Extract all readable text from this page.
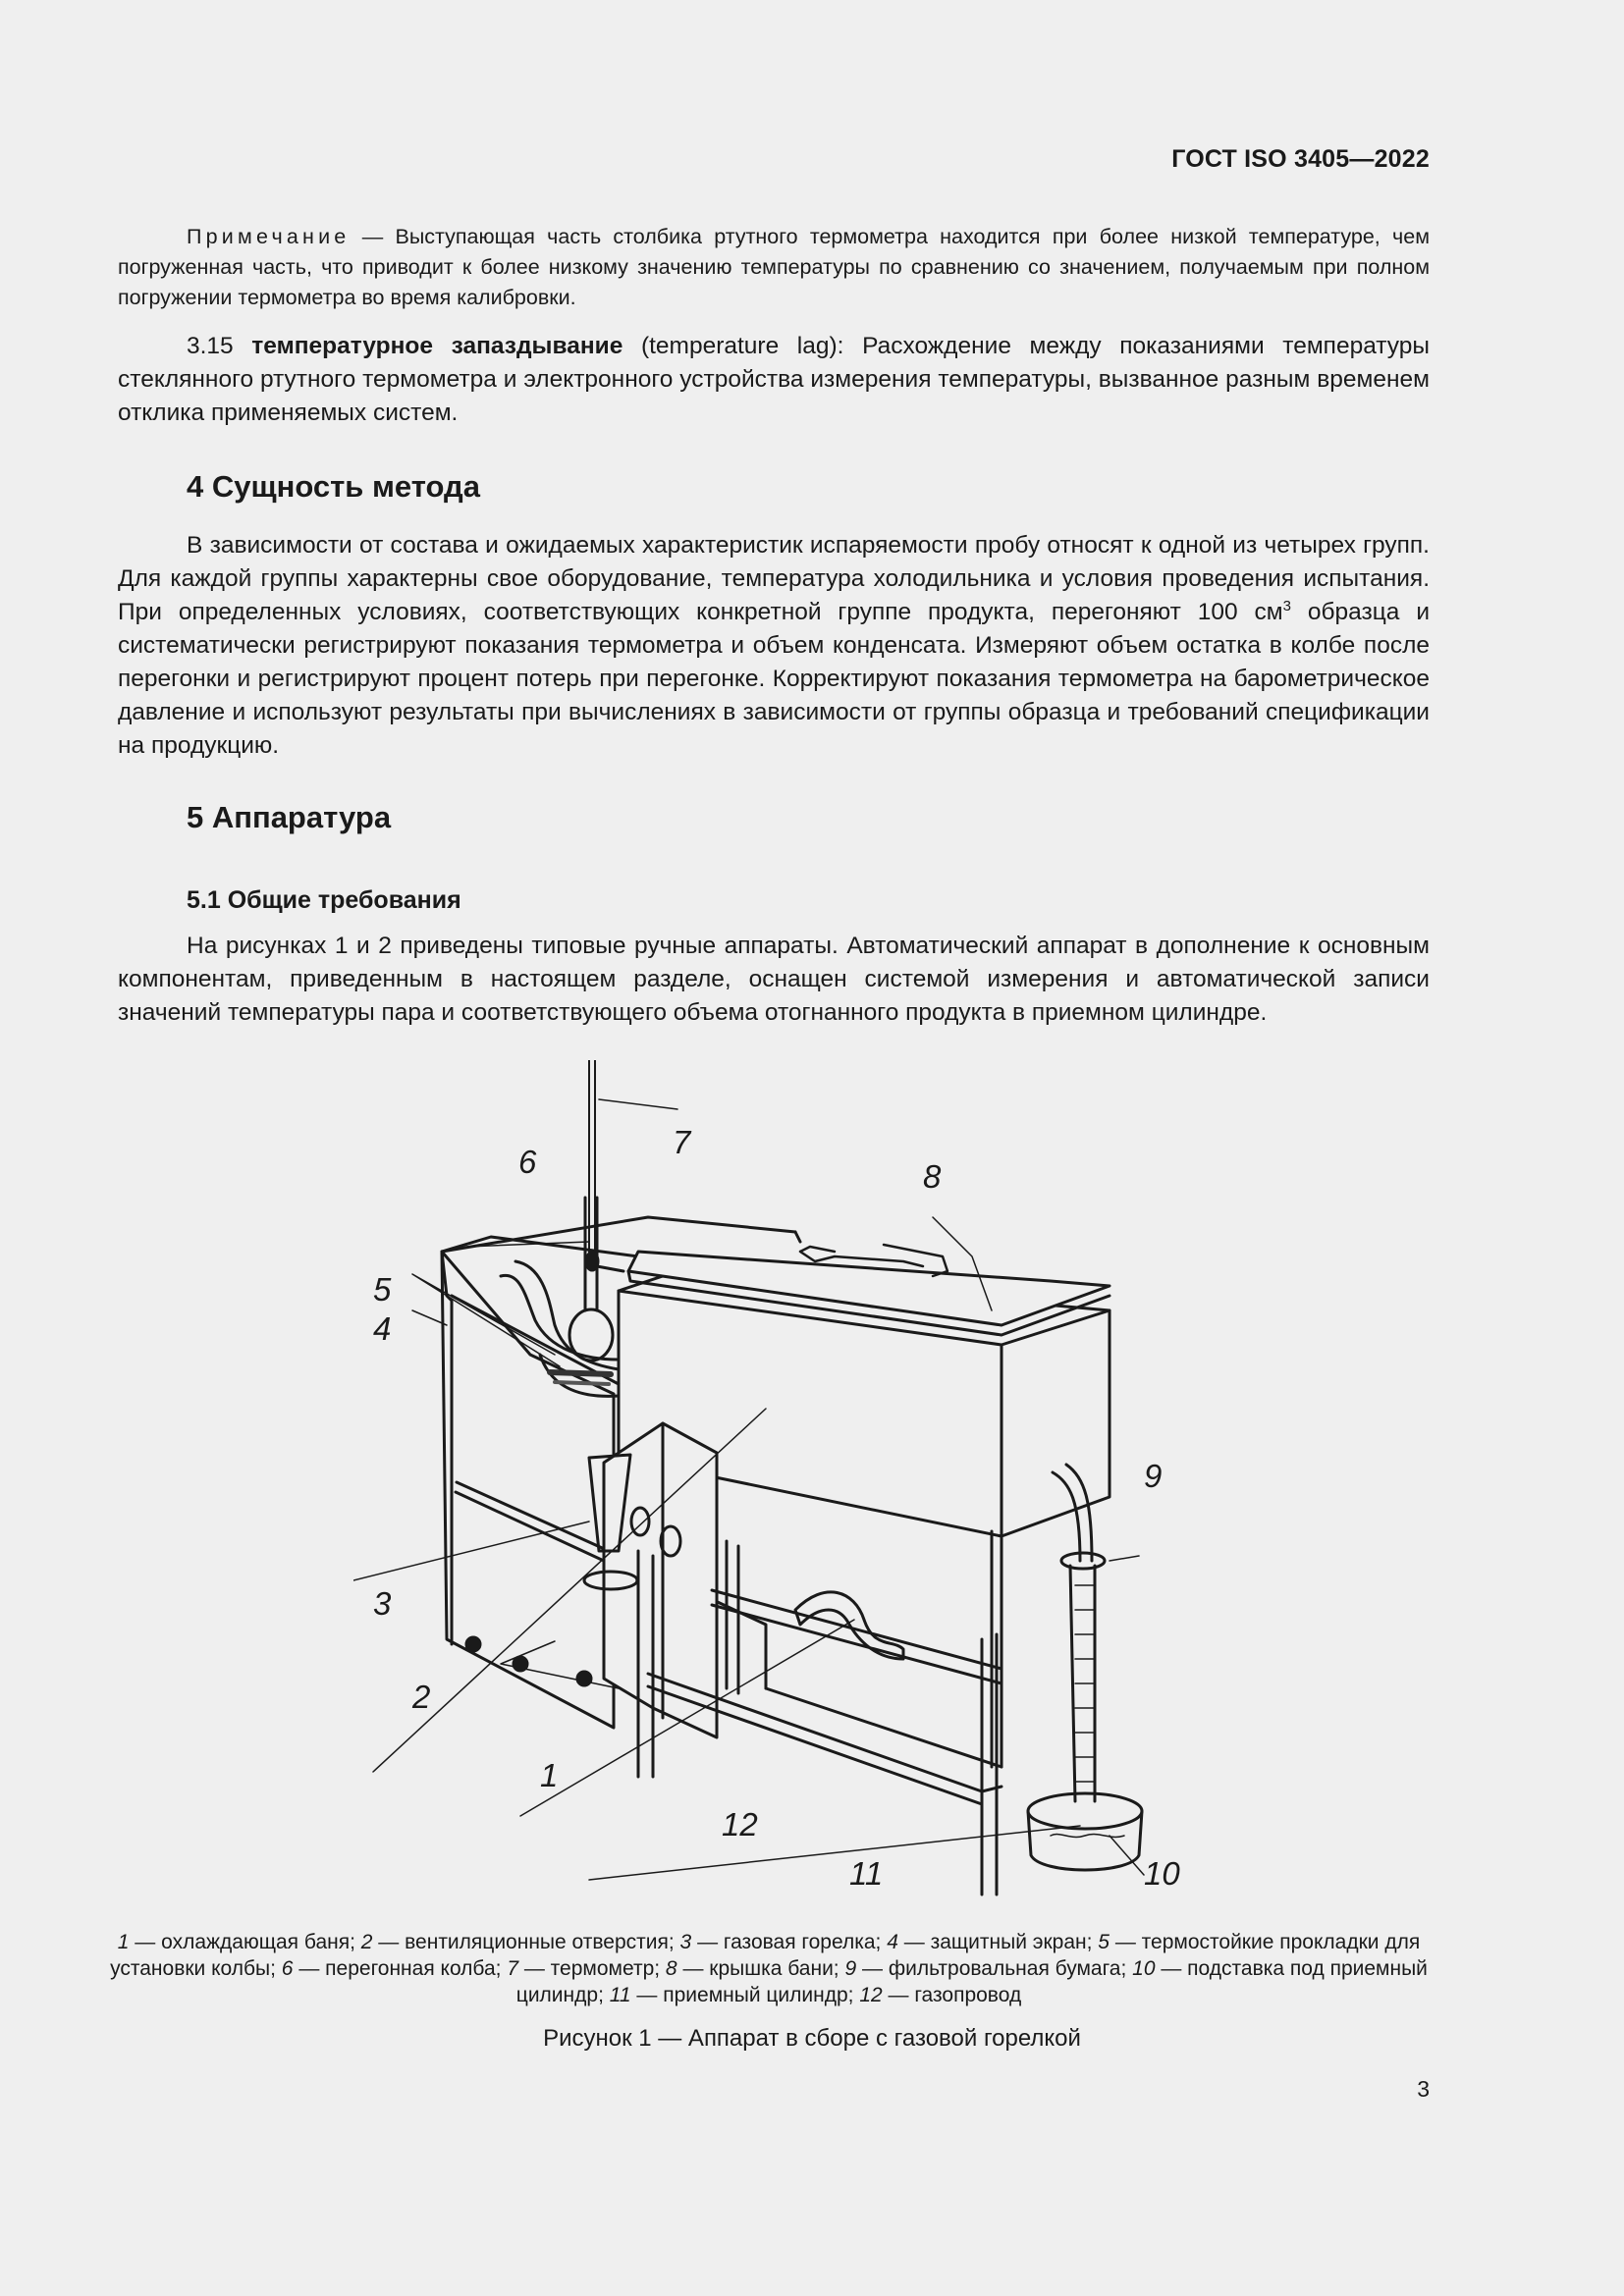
ГОСТ ISO 3405—2022

Примечание — Выступающая часть столбика ртутного термометра находится при более низкой температуре, чем погруженная часть, что приводит к более низкому значению температуры по сравнению со значением, получаемым при полном погружении термометра во время калибровки.

3.15 температурное запаздывание (temperature lag): Расхождение между показаниями температуры стеклянного ртутного термометра и электронного устройства измерения температуры, вызванное разным временем отклика применяемых систем.

4 Сущность метода

В зависимости от состава и ожидаемых характеристик испаряемости пробу относят к одной из четырех групп. Для каждой группы характерны свое оборудование, температура холодильника и условия проведения испытания. При определенных условиях, соответствующих конкретной группе продукта, перегоняют 100 $см^3$ образца и систематически регистрируют показания термометра и объем конденсата. Измеряют объем остатка в колбе после перегонки и регистрируют процент потерь при перегонке. Корректируют показания термометра на барометрическое давление и используют результаты при вычислениях в зависимости от группы образца и требований спецификации на продукцию.

5 Аппаратура
5.1 Общие требования

На рисунках 1 и 2 приведены типовые ручные аппараты. Автоматический аппарат в дополнение к основным компонентам, приведенным в настоящем разделе, оснащен системой измерения и автоматической записи значений температуры пара и соответствующего объема отогнанного продукта в приемном цилиндре.

7
6	8
5
4
3
9
2
1
12
11	10
1 — охлаждающая баня; 2 — вентиляционные отверстия; 3 — газовая горелка; 4 — защитный экран; 5 — термостойкие прокладки для установки колбы; 6 — перегонная колба; 7 — термометр; 8 — крышка бани; 9 — фильтровальная бумага; 10 — подставка под приемный цилиндр; 11 — приемный цилиндр; 12 — газопровод
Рисунок 1 — Аппарат в сборе с газовой горелкой
3
